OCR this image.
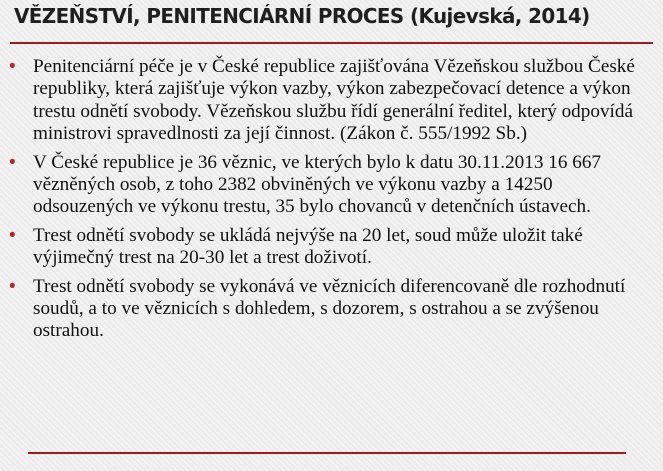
VĚZEŇSTVÍ, PENITENCIÁRNÍ PROCES (Kujevská, 2014)
• Penitenciární péče je v České republice zajišťována Vězeňskou službou České republiky, která zajišťuje výkon vazby, výkon zabezpečovací detence a výkon trestu odnětí svobody. Vězeňskou službu řídí generální ředitel, který odpovídá ministrovi spravedlnosti za její činnost. (Zákon č. 555/1992 Sb.)
• V České republice je 36 věznic, ve kterých bylo k datu 30.11.2013 16 667 vězněných osob, z toho 2382 obviněných ve výkonu vazby a 14250 odsouzených ve výkonu trestu, 35 bylo chovanců v detenčních ústavech.
• Trest odnětí svobody se ukládá nejvýše na 20 let, soud může uložit také výjimečný trest na 20-30 let a trest doživotí.
• Trest odnětí svobody se vykonává ve věznicích diferencovaně dle rozhodnutí soudů, a to ve věznicích s dohledem, s dozorem, s ostrahou a se zvýšenou ostrahou.
